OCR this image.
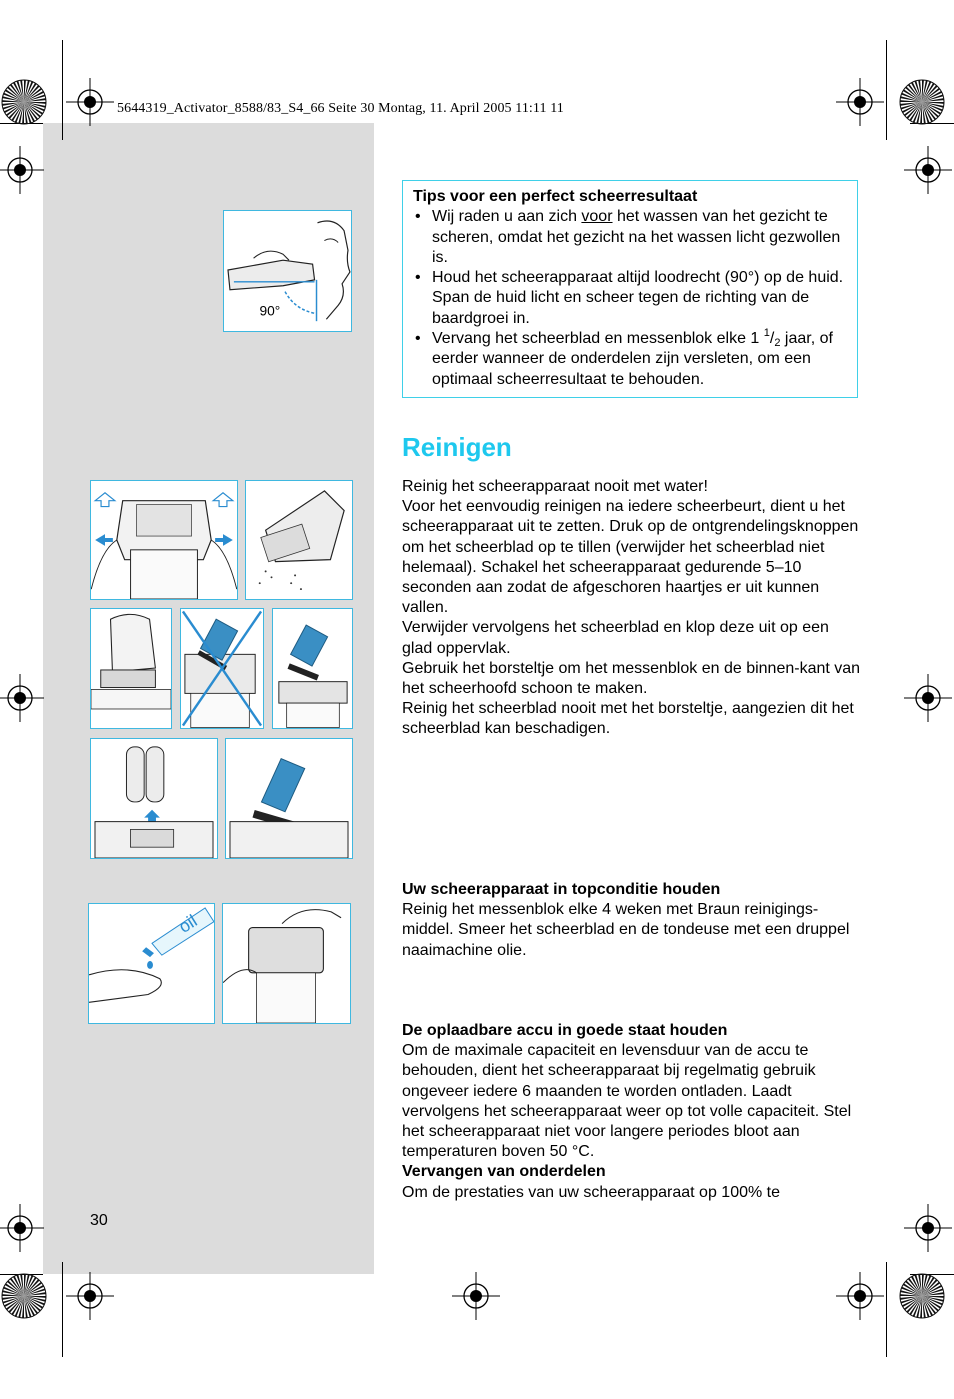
5644319_Activator_8588/83_S4_66 Seite 30 Montag, 11. April 2005 11:11 11
90°
Tips voor een perfect scheerresultaat
• Wij raden u aan zich voor het wassen van het gezicht te scheren, omdat het gezicht na het wassen licht gezwollen is.
• Houd het scheerapparaat altijd loodrecht (90°) op de huid. Span de huid licht en scheer tegen de richting van de baardgroei in.
• Vervang het scheerblad en messenblok elke 1 $^1/_2$ jaar, of eerder wanneer de onderdelen zijn versleten, om een optimaal scheerresultaat te behouden.
Reinigen

Reinig het scheerapparaat nooit met water!

Voor het eenvoudig reinigen na iedere scheerbeurt, dient u het scheerapparaat uit te zetten. Druk op de ontgrendelingsknoppen om het scheerblad op te tillen (verwijder het scheerblad niet helemaal). Schakel het scheerapparaat gedurende 5–10 seconden aan zodat de afgeschoren haartjes er uit kunnen vallen.

Verwijder vervolgens het scheerblad en klop deze uit op een glad oppervlak.

Gebruik het borsteltje om het messenblok en de binnen-kant van het scheerhoofd schoon te maken.

Reinig het scheerblad nooit met het borsteltje, aangezien dit het scheerblad kan beschadigen.

Uw scheerapparaat in topconditie houden

Reinig het messenblok elke 4 weken met Braun reinigings-middel. Smeer het scheerblad en de tondeuse met een druppel naaimachine olie.

De oplaadbare accu in goede staat houden

Om de maximale capaciteit en levensduur van de accu te behouden, dient het scheerapparaat bij regelmatig gebruik ongeveer iedere 6 maanden te worden ontladen. Laadt vervolgens het scheerapparaat weer op tot volle capaciteit. Stel het scheerapparaat niet voor langere periodes bloot aan temperaturen boven 50 °C.

Vervangen van onderdelen

Om de prestaties van uw scheerapparaat op 100% te

oil
30
